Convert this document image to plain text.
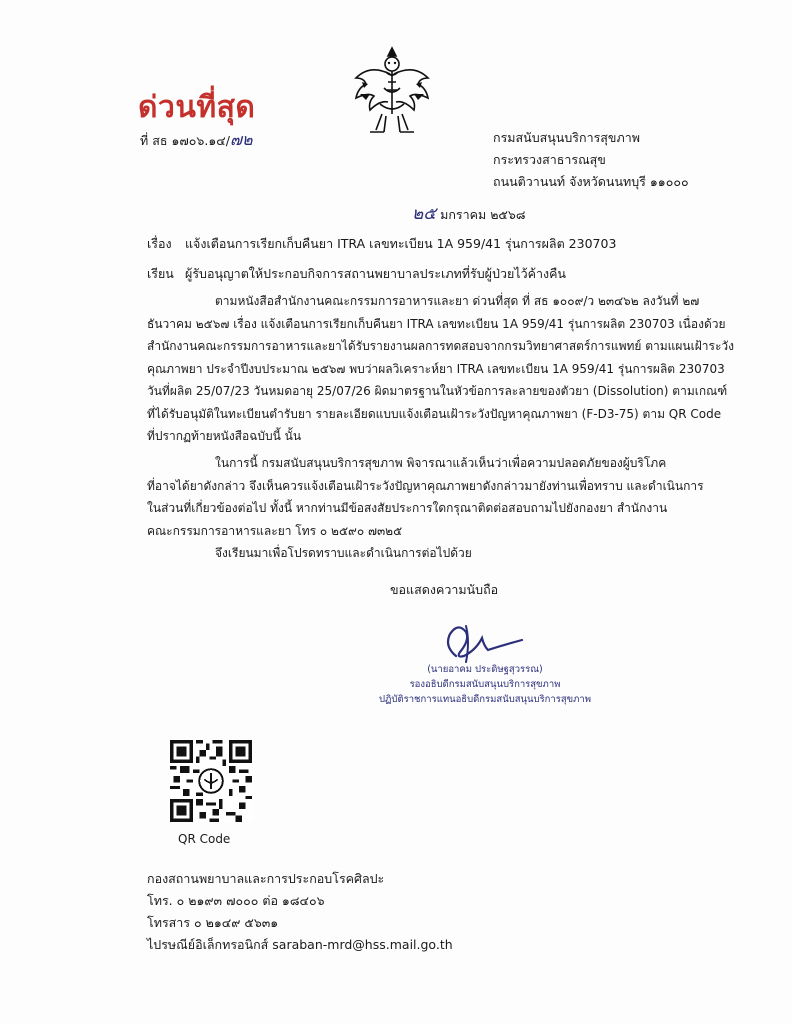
ด่วนที่สุด
ที่ สธ ๑๗๐๖.๑๔/๗๒	กรมสนับสนุนบริการสุขภาพ
กระทรวงสาธารณสุข
ถนนติวานนท์ จังหวัดนนทบุรี ๑๑๐๐๐
๒๕ มกราคม ๒๕๖๘
เรื่อง แจ้งเตือนการเรียกเก็บคืนยา ITRA เลขทะเบียน 1A 959/41 รุ่นการผลิต 230703
เรียน ผู้รับอนุญาตให้ประกอบกิจการสถานพยาบาลประเภทที่รับผู้ป่วยไว้ค้างคืน
ตามหนังสือสำนักงานคณะกรรมการอาหารและยา ด่วนที่สุด ที่ สธ ๑๐๐๙/ว ๒๓๔๖๒ ลงวันที่ ๒๗
ธันวาคม ๒๕๖๗ เรื่อง แจ้งเตือนการเรียกเก็บคืนยา ITRA เลขทะเบียน 1A 959/41 รุ่นการผลิต 230703 เนื่องด้วย
สำนักงานคณะกรรมการอาหารและยาได้รับรายงานผลการทดสอบจากกรมวิทยาศาสตร์การแพทย์ ตามแผนเฝ้าระวัง
คุณภาพยา ประจำปีงบประมาณ ๒๕๖๗ พบว่าผลวิเคราะห์ยา ITRA เลขทะเบียน 1A 959/41 รุ่นการผลิต 230703
วันที่ผลิต 25/07/23 วันหมดอายุ 25/07/26 ผิดมาตรฐานในหัวข้อการละลายของตัวยา (Dissolution) ตามเกณฑ์
ที่ได้รับอนุมัติในทะเบียนตำรับยา รายละเอียดแบบแจ้งเตือนเฝ้าระวังปัญหาคุณภาพยา (F-D3-75) ตาม QR Code
ที่ปรากฏท้ายหนังสือฉบับนี้ นั้น
ในการนี้ กรมสนับสนุนบริการสุขภาพ พิจารณาแล้วเห็นว่าเพื่อความปลอดภัยของผู้บริโภค
ที่อาจได้ยาดังกล่าว จึงเห็นควรแจ้งเตือนเฝ้าระวังปัญหาคุณภาพยาดังกล่าวมายังท่านเพื่อทราบ และดำเนินการ
ในส่วนที่เกี่ยวข้องต่อไป ทั้งนี้ หากท่านมีข้อสงสัยประการใดกรุณาติดต่อสอบถามไปยังกองยา สำนักงาน
คณะกรรมการอาหารและยา โทร ๐ ๒๕๙๐ ๗๓๒๕
จึงเรียนมาเพื่อโปรดทราบและดำเนินการต่อไปด้วย
ขอแสดงความนับถือ
(นายอาคม ประดิษฐสุวรรณ)
รองอธิบดีกรมสนับสนุนบริการสุขภาพ
ปฏิบัติราชการแทนอธิบดีกรมสนับสนุนบริการสุขภาพ
QR Code
กองสถานพยาบาลและการประกอบโรคศิลปะ
โทร. ๐ ๒๑๙๓ ๗๐๐๐ ต่อ ๑๘๔๐๖
โทรสาร ๐ ๒๑๔๙ ๕๖๓๑
ไปรษณีย์อิเล็กทรอนิกส์ saraban-mrd@hss.mail.go.th
